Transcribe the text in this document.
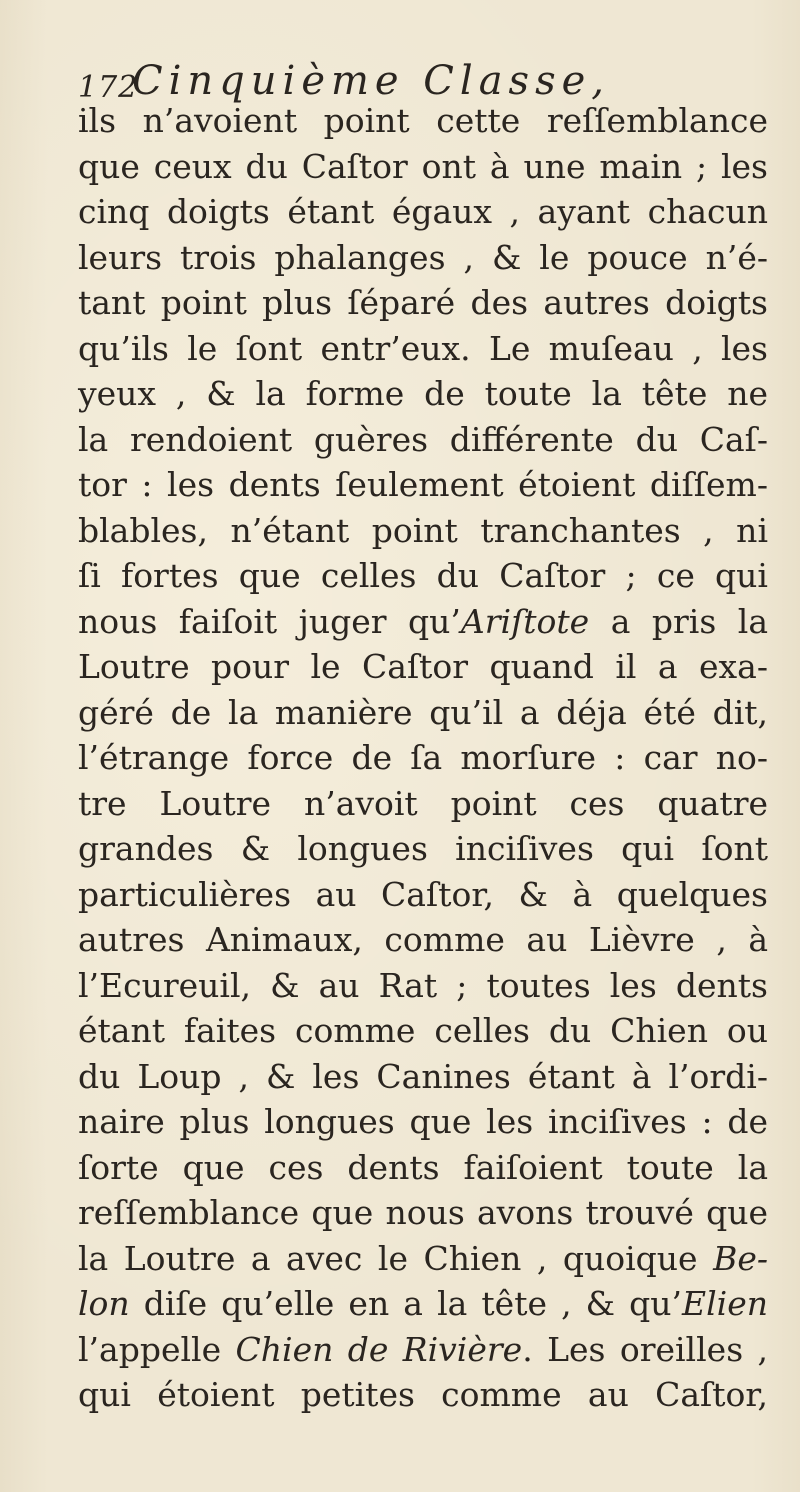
172
Cinquième Classe,
ils n’avoient point cette reſſemblance
que ceux du Caſtor ont à une main ; les
cinq doigts étant égaux , ayant chacun
leurs trois phalanges , & le pouce n’é-
tant point plus ſéparé des autres doigts
qu’ils le ſont entr’eux. Le muſeau , les
yeux , & la forme de toute la tête ne
la rendoient guères différente du Caſ-
tor : les dents ſeulement étoient diſſem-
blables, n’étant point tranchantes , ni
ſi fortes que celles du Caſtor ; ce qui
nous faiſoit juger qu’Ariſtote a pris la
Loutre pour le Caſtor quand il a exa-
géré de la manière qu’il a déja été dit,
l’étrange force de ſa morſure : car no-
tre Loutre n’avoit point ces quatre
grandes & longues inciſives qui ſont
particulières au Caſtor, & à quelques
autres Animaux, comme au Lièvre , à
l’Ecureuil, & au Rat ; toutes les dents
étant faites comme celles du Chien ou
du Loup , & les Canines étant à l’ordi-
naire plus longues que les inciſives : de
ſorte que ces dents faiſoient toute la
reſſemblance que nous avons trouvé que
la Loutre a avec le Chien , quoique Be-
lon diſe qu’elle en a la tête , & qu’Elien
l’appelle Chien de Rivière. Les oreilles ,
qui étoient petites comme au Caſtor,
